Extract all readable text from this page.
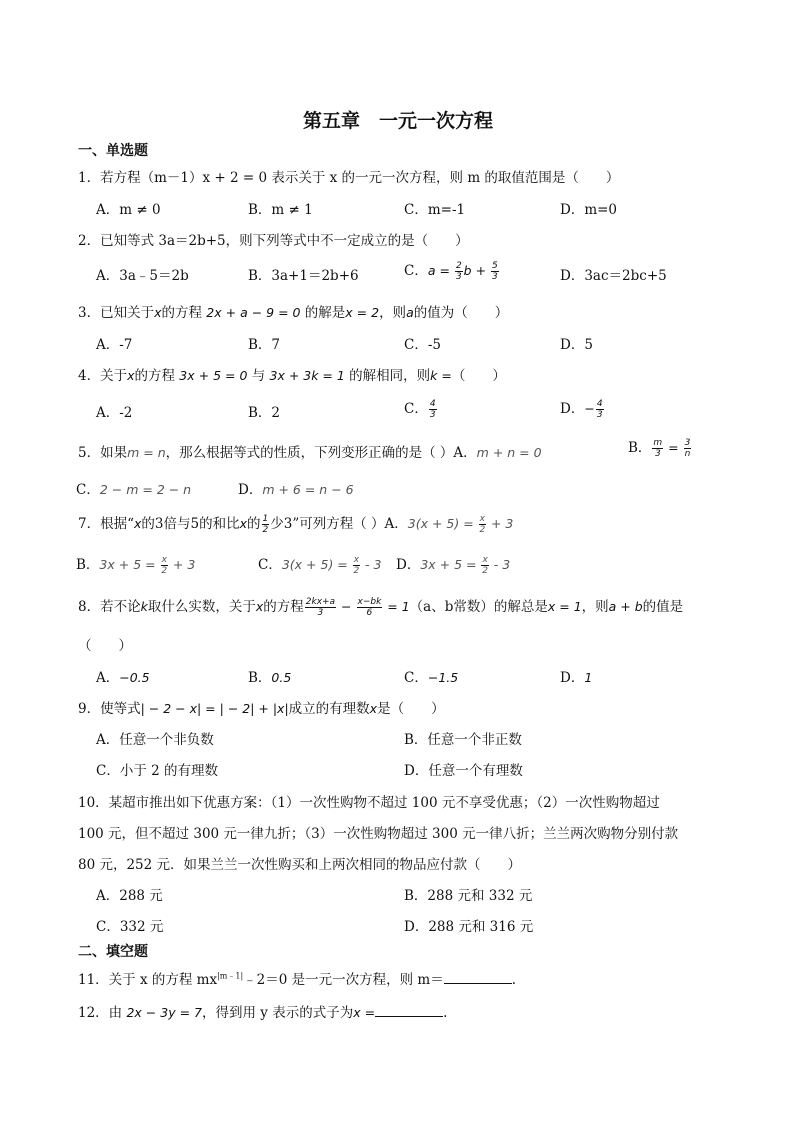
第五章　一元一次方程
一、单选题
1．若方程（m－1）x + 2 = 0 表示关于 x 的一元一次方程，则 m 的取值范围是（　　）
A．m ≠ 0	B．m ≠ 1	C．m=-1	D．m=0
2．已知等式 3a＝2b+5，则下列等式中不一定成立的是（　　）
A．3a﹣5＝2b	B．3a+1＝2b+6	C．$a = \frac{2}{3}$ $b + \frac{5}{3}$	D．3ac＝2bc+5
3．已知关于x的方程 2x + a − 9 = 0 的解是x = 2，则a的值为（　　）
A．-7	B．7	C．-5	D．5
4．关于x的方程 3x + 5 = 0 与 3x + 3k = 1 的解相同，则k =（　　）
A．-2	B．2	C． $\frac{4}{3}$	D．− $\frac{4}{3}$
5．如果m = n，那么根据等式的性质，下列变形正确的是（ ）A．m + n = 0	B． $\frac{m}{3} = \frac{3}{n}$
C．2 − m = 2 − n	D．m + 6 = n − 6
7．根据“x的3倍与5的和比x的 $\frac{1}{2}$ 少3”可列方程（ ）A．$3(x + 5) = \frac{x}{2} + 3$
B．$3x + 5 = \frac{x}{2} + 3$	C．$3(x + 5) = \frac{x}{2} - 3$ D．$3x + 5 = \frac{x}{2} - 3$
8．若不论k取什么实数，关于x的方程 $\frac{2kx+a}{3} - \frac{x-bk}{6} = 1(a$、b常数）的解总是x = 1，则a + b的值是
（　　）
A．−0.5	B．0.5	C．−1.5	D．1
9．使等式| − 2 − x| = | − 2| + |x|成立的有理数x是（　　）
A．任意一个非负数	B．任意一个非正数
C．小于 2 的有理数	D．任意一个有理数
10．某超市推出如下优惠方案：（1）一次性购物不超过 100 元不享受优惠；（2）一次性购物超过
100 元，但不超过 300 元一律九折；（3）一次性购物超过 300 元一律八折；兰兰两次购物分别付款
80 元，252 元．如果兰兰一次性购买和上两次相同的物品应付款（　　）
A．288 元	B．288 元和 332 元
C．332 元	D．288 元和 316 元
二、填空题
11．关于 x 的方程 $mx^{|m﹣1|}﹣2=0$ 是一元一次方程，则 m＝	.
12．由 2x − 3y = 7，得到用 y 表示的式子为x =	.
